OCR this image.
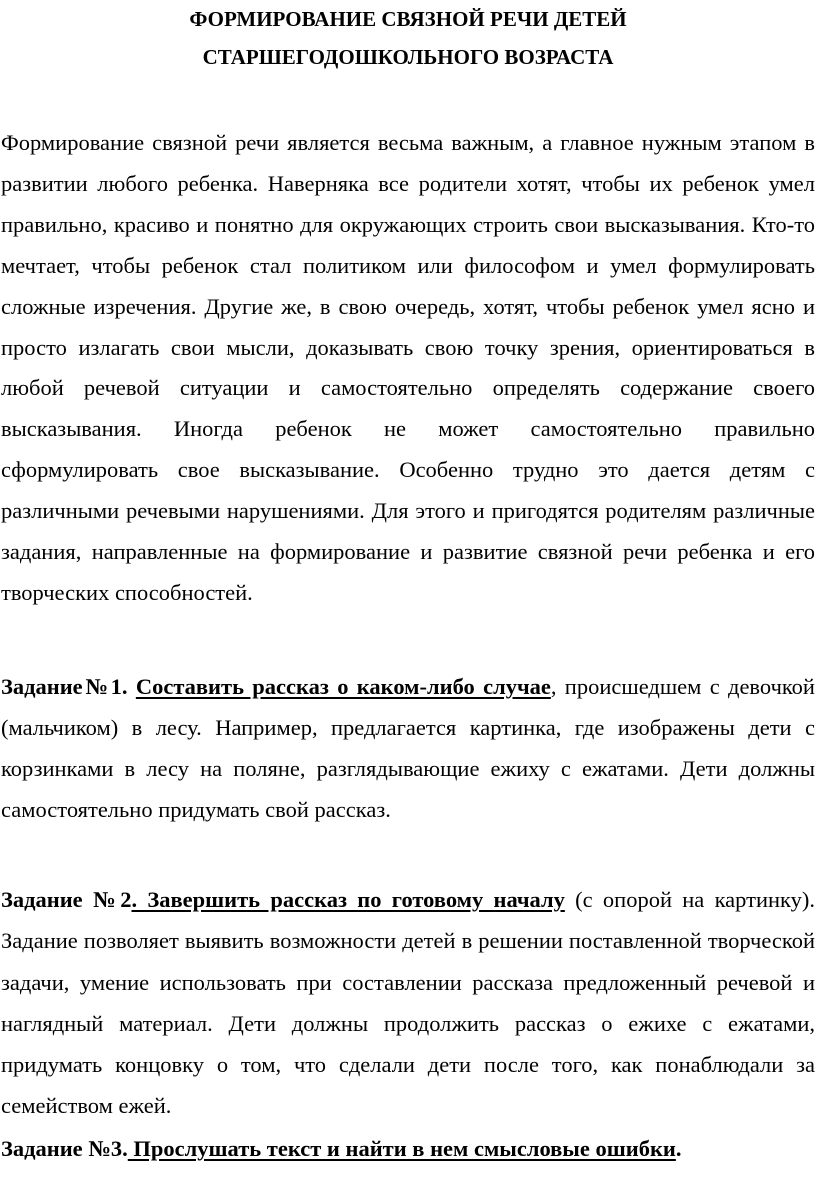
ФОРМИРОВАНИЕ СВЯЗНОЙ РЕЧИ ДЕТЕЙ
СТАРШЕГОДОШКОЛЬНОГО ВОЗРАСТА

Формирование связной речи является весьма важным, а главное нужным этапом в развитии любого ребенка. Наверняка все родители хотят, чтобы их ребенок умел правильно, красиво и понятно для окружающих строить свои высказывания. Кто-то мечтает, чтобы ребенок стал политиком или философом и умел формулировать сложные изречения. Другие же, в свою очередь, хотят, чтобы ребенок умел ясно и просто излагать свои мысли, доказывать свою точку зрения, ориентироваться в любой речевой ситуации и самостоятельно определять содержание своего высказывания. Иногда ребенок не может самостоятельно правильно сформулировать свое высказывание. Особенно трудно это дается детям с различными речевыми нарушениями. Для этого и пригодятся родителям различные задания, направленные на формирование и развитие связной речи ребенка и его творческих способностей.

Задание№1. Составить рассказ о каком-либо случае, происшедшем с девочкой (мальчиком) в лесу. Например, предлагается картинка, где изображены дети с корзинками в лесу на поляне, разглядывающие ежиху с ежатами. Дети должны самостоятельно придумать свой рассказ.

Задание №2. Завершить рассказ по готовому началу (с опорой на картинку). Задание позволяет выявить возможности детей в решении поставленной творческой задачи, умение использовать при составлении рассказа предложенный речевой и наглядный материал. Дети должны продолжить рассказ о ежихе с ежатами, придумать концовку о том, что сделали дети после того, как понаблюдали за семейством ежей.

Задание №3. Прослушать текст и найти в нем смысловые ошибки.
